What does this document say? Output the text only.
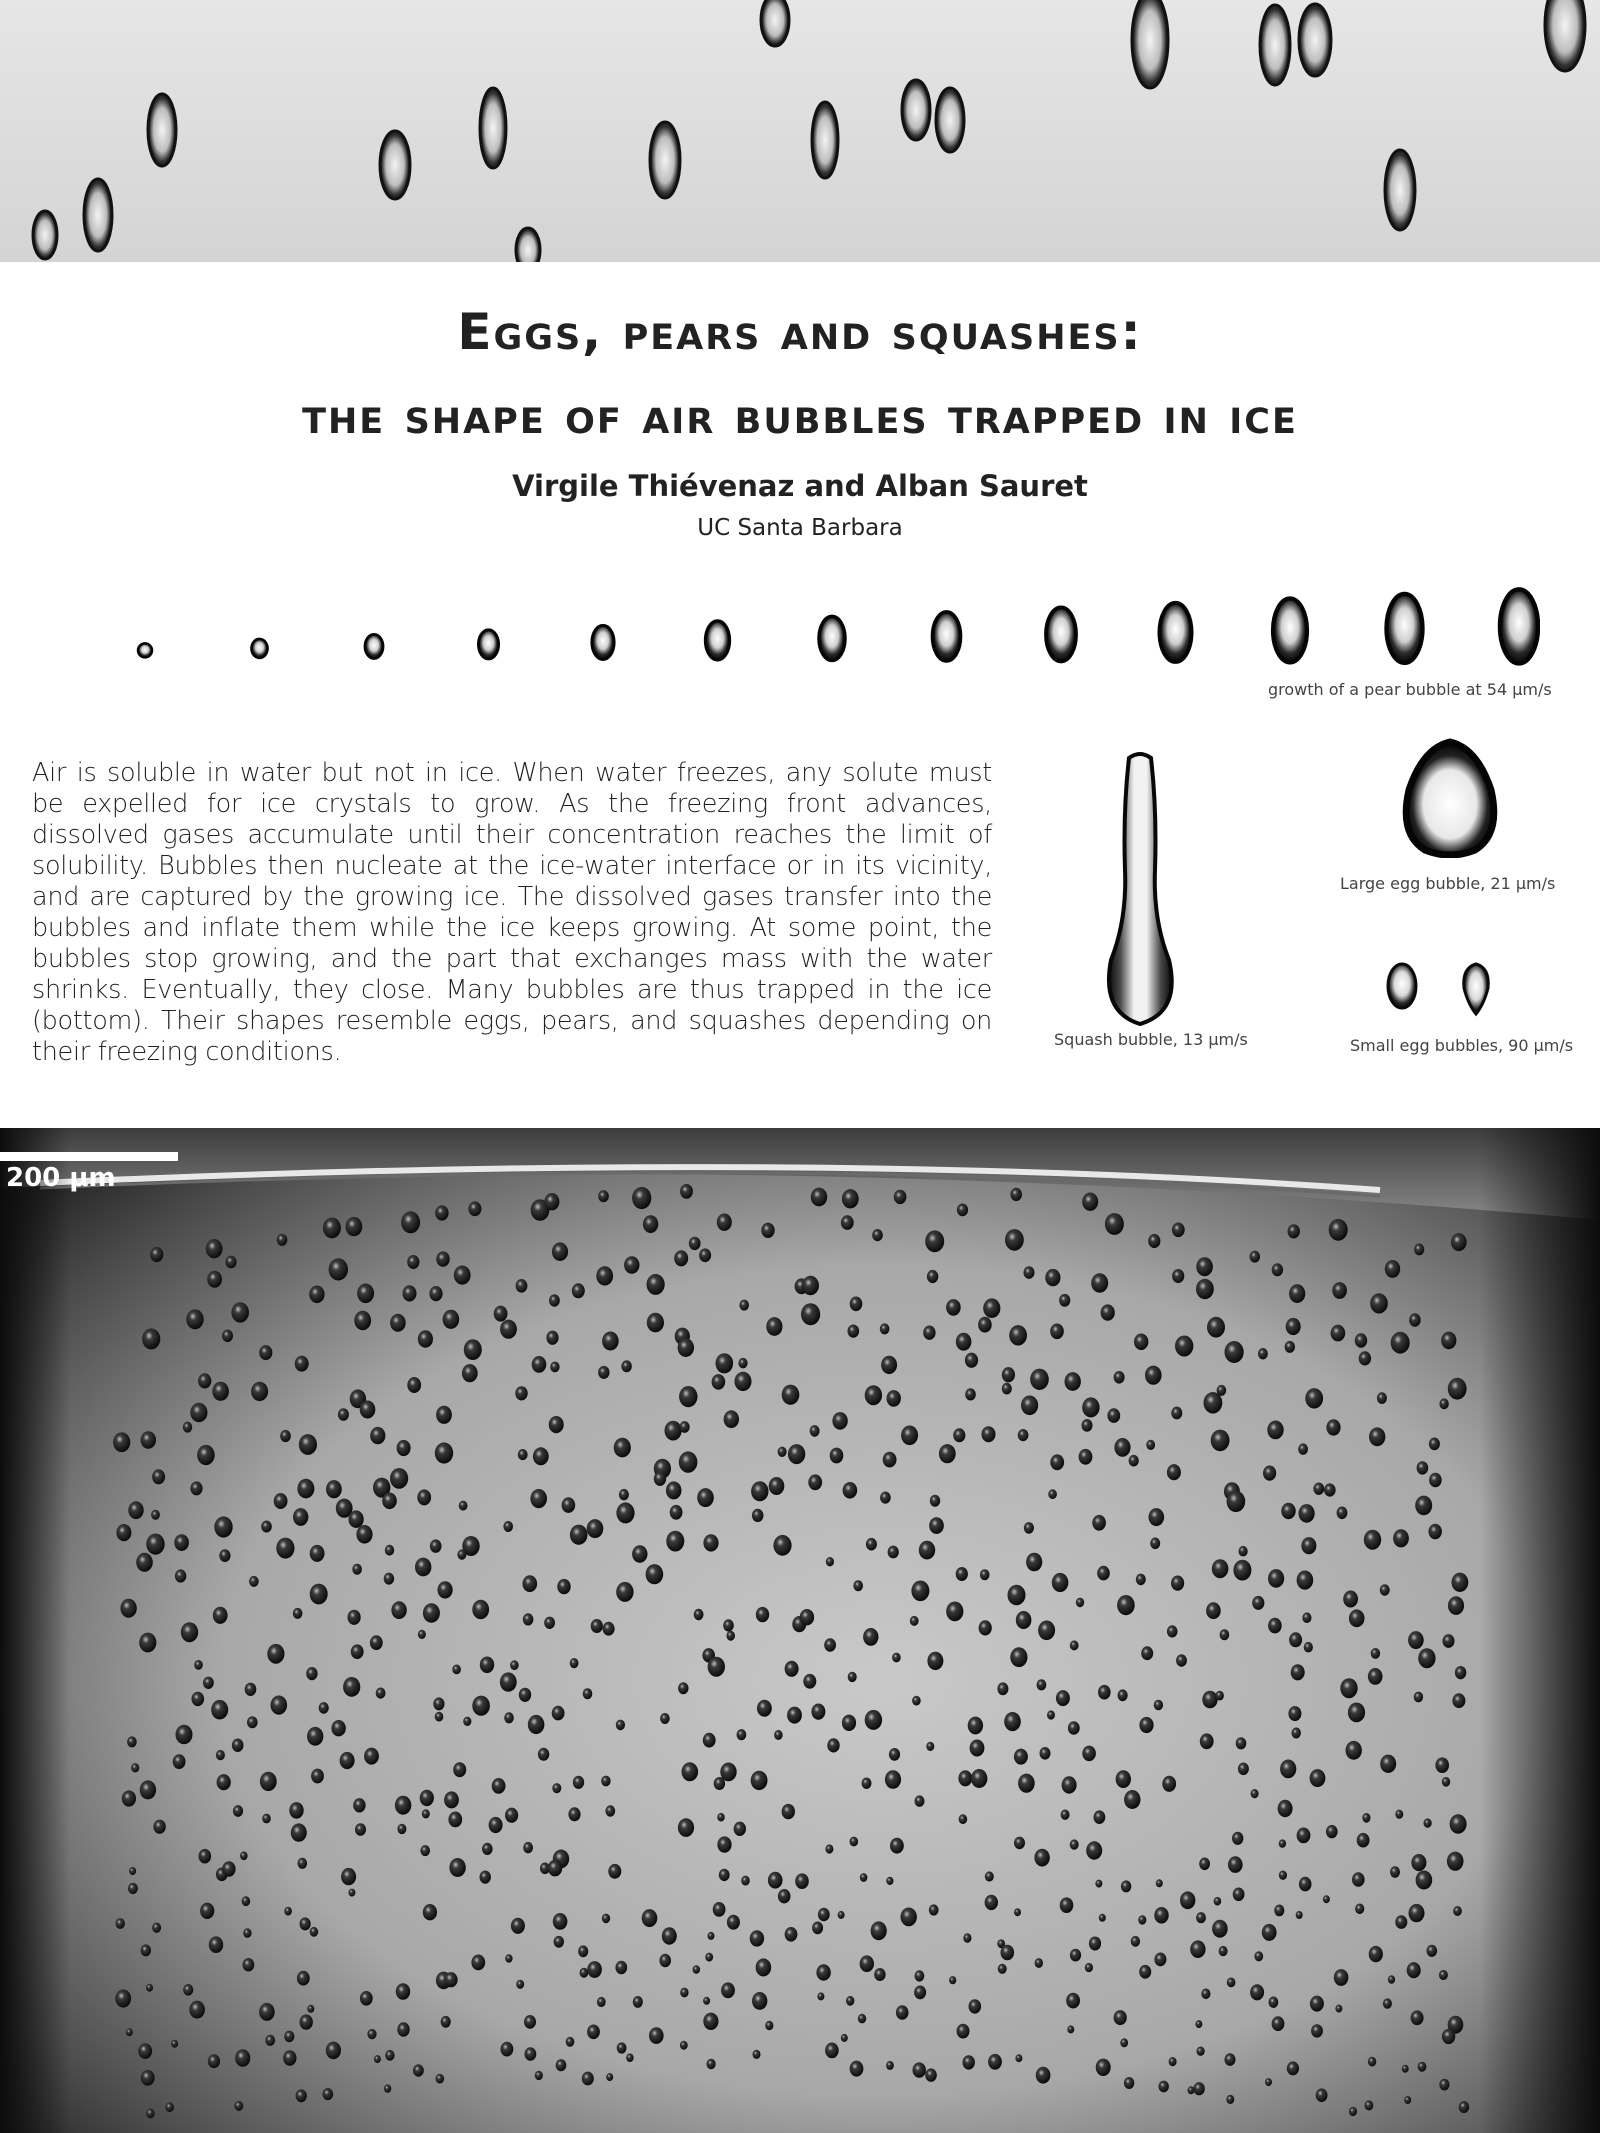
Eggs, pears and squashes:
the shape of air bubbles trapped in ice

Virgile Thiévenaz and Alban Sauret

UC Santa Barbara

growth of a pear bubble at 54 μm/s

Air is soluble in water but not in ice. When water freezes, any solute must be expelled for ice crystals to grow. As the freezing front advances, dissolved gases accumulate until their concentration reaches the limit of solubility. Bubbles then nucleate at the ice-water interface or in its vicinity, and are captured by the growing ice. The dissolved gases transfer into the bubbles and inflate them while the ice keeps growing. At some point, the bubbles stop growing, and the part that exchanges mass with the water shrinks. Eventually, they close. Many bubbles are thus trapped in the ice (bottom). Their shapes resemble eggs, pears, and squashes depending on their freezing conditions.	Squash bubble, 13 μm/s
Large egg bubble, 21 μm/s
Small egg bubbles, 90 μm/s
200 μm
